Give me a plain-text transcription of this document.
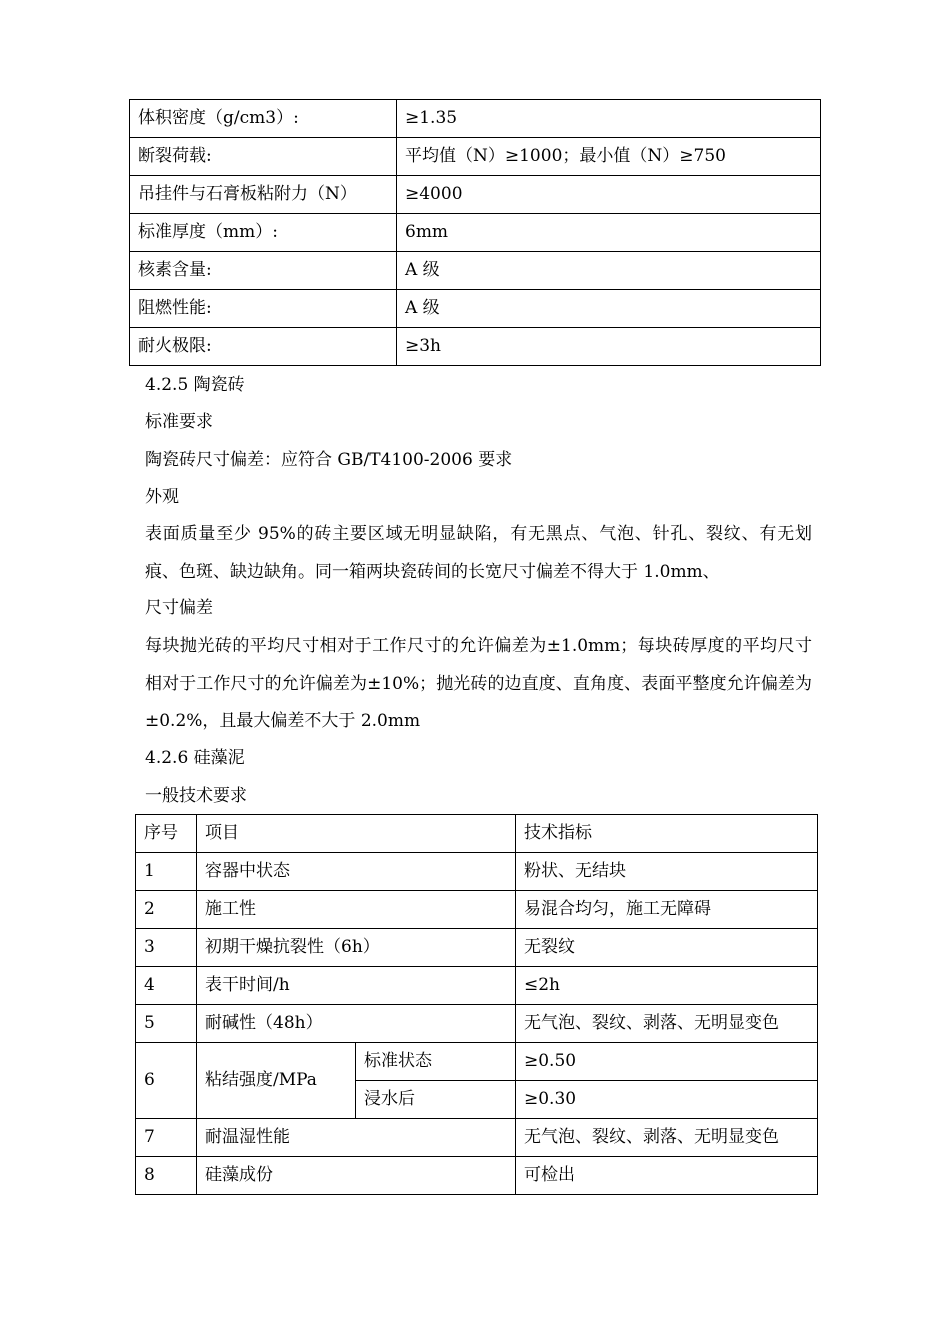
体积密度（g/cm3）:	≥1.35
断裂荷载:	平均值（N）≥1000；最小值（N）≥750
吊挂件与石膏板粘附力（N）	≥4000
标准厚度（mm）:	6mm
核素含量:	A 级
阻燃性能:	A 级
耐火极限:	≥3h
4.2.5 陶瓷砖
标准要求
陶瓷砖尺寸偏差：应符合 GB/T4100-2006 要求
外观
表面质量至少 95%的砖主要区域无明显缺陷，有无黑点、气泡、针孔、裂纹、有无划痕、色斑、缺边缺角。同一箱两块瓷砖间的长宽尺寸偏差不得大于 1.0mm、
尺寸偏差
每块抛光砖的平均尺寸相对于工作尺寸的允许偏差为±1.0mm；每块砖厚度的平均尺寸相对于工作尺寸的允许偏差为±10%；抛光砖的边直度、直角度、表面平整度允许偏差为±0.2%，且最大偏差不大于 2.0mm
4.2.6 硅藻泥
一般技术要求
序号	项目		技术指标
1	容器中状态		粉状、无结块
2	施工性		易混合均匀，施工无障碍
3	初期干燥抗裂性（6h）		无裂纹
4	表干时间/h		≤2h
5	耐碱性（48h）		无气泡、裂纹、剥落、无明显变色
6	粘结强度/MPa	标准状态	≥0.50
		浸水后	≥0.30
7	耐温湿性能		无气泡、裂纹、剥落、无明显变色
8	硅藻成份		可检出
